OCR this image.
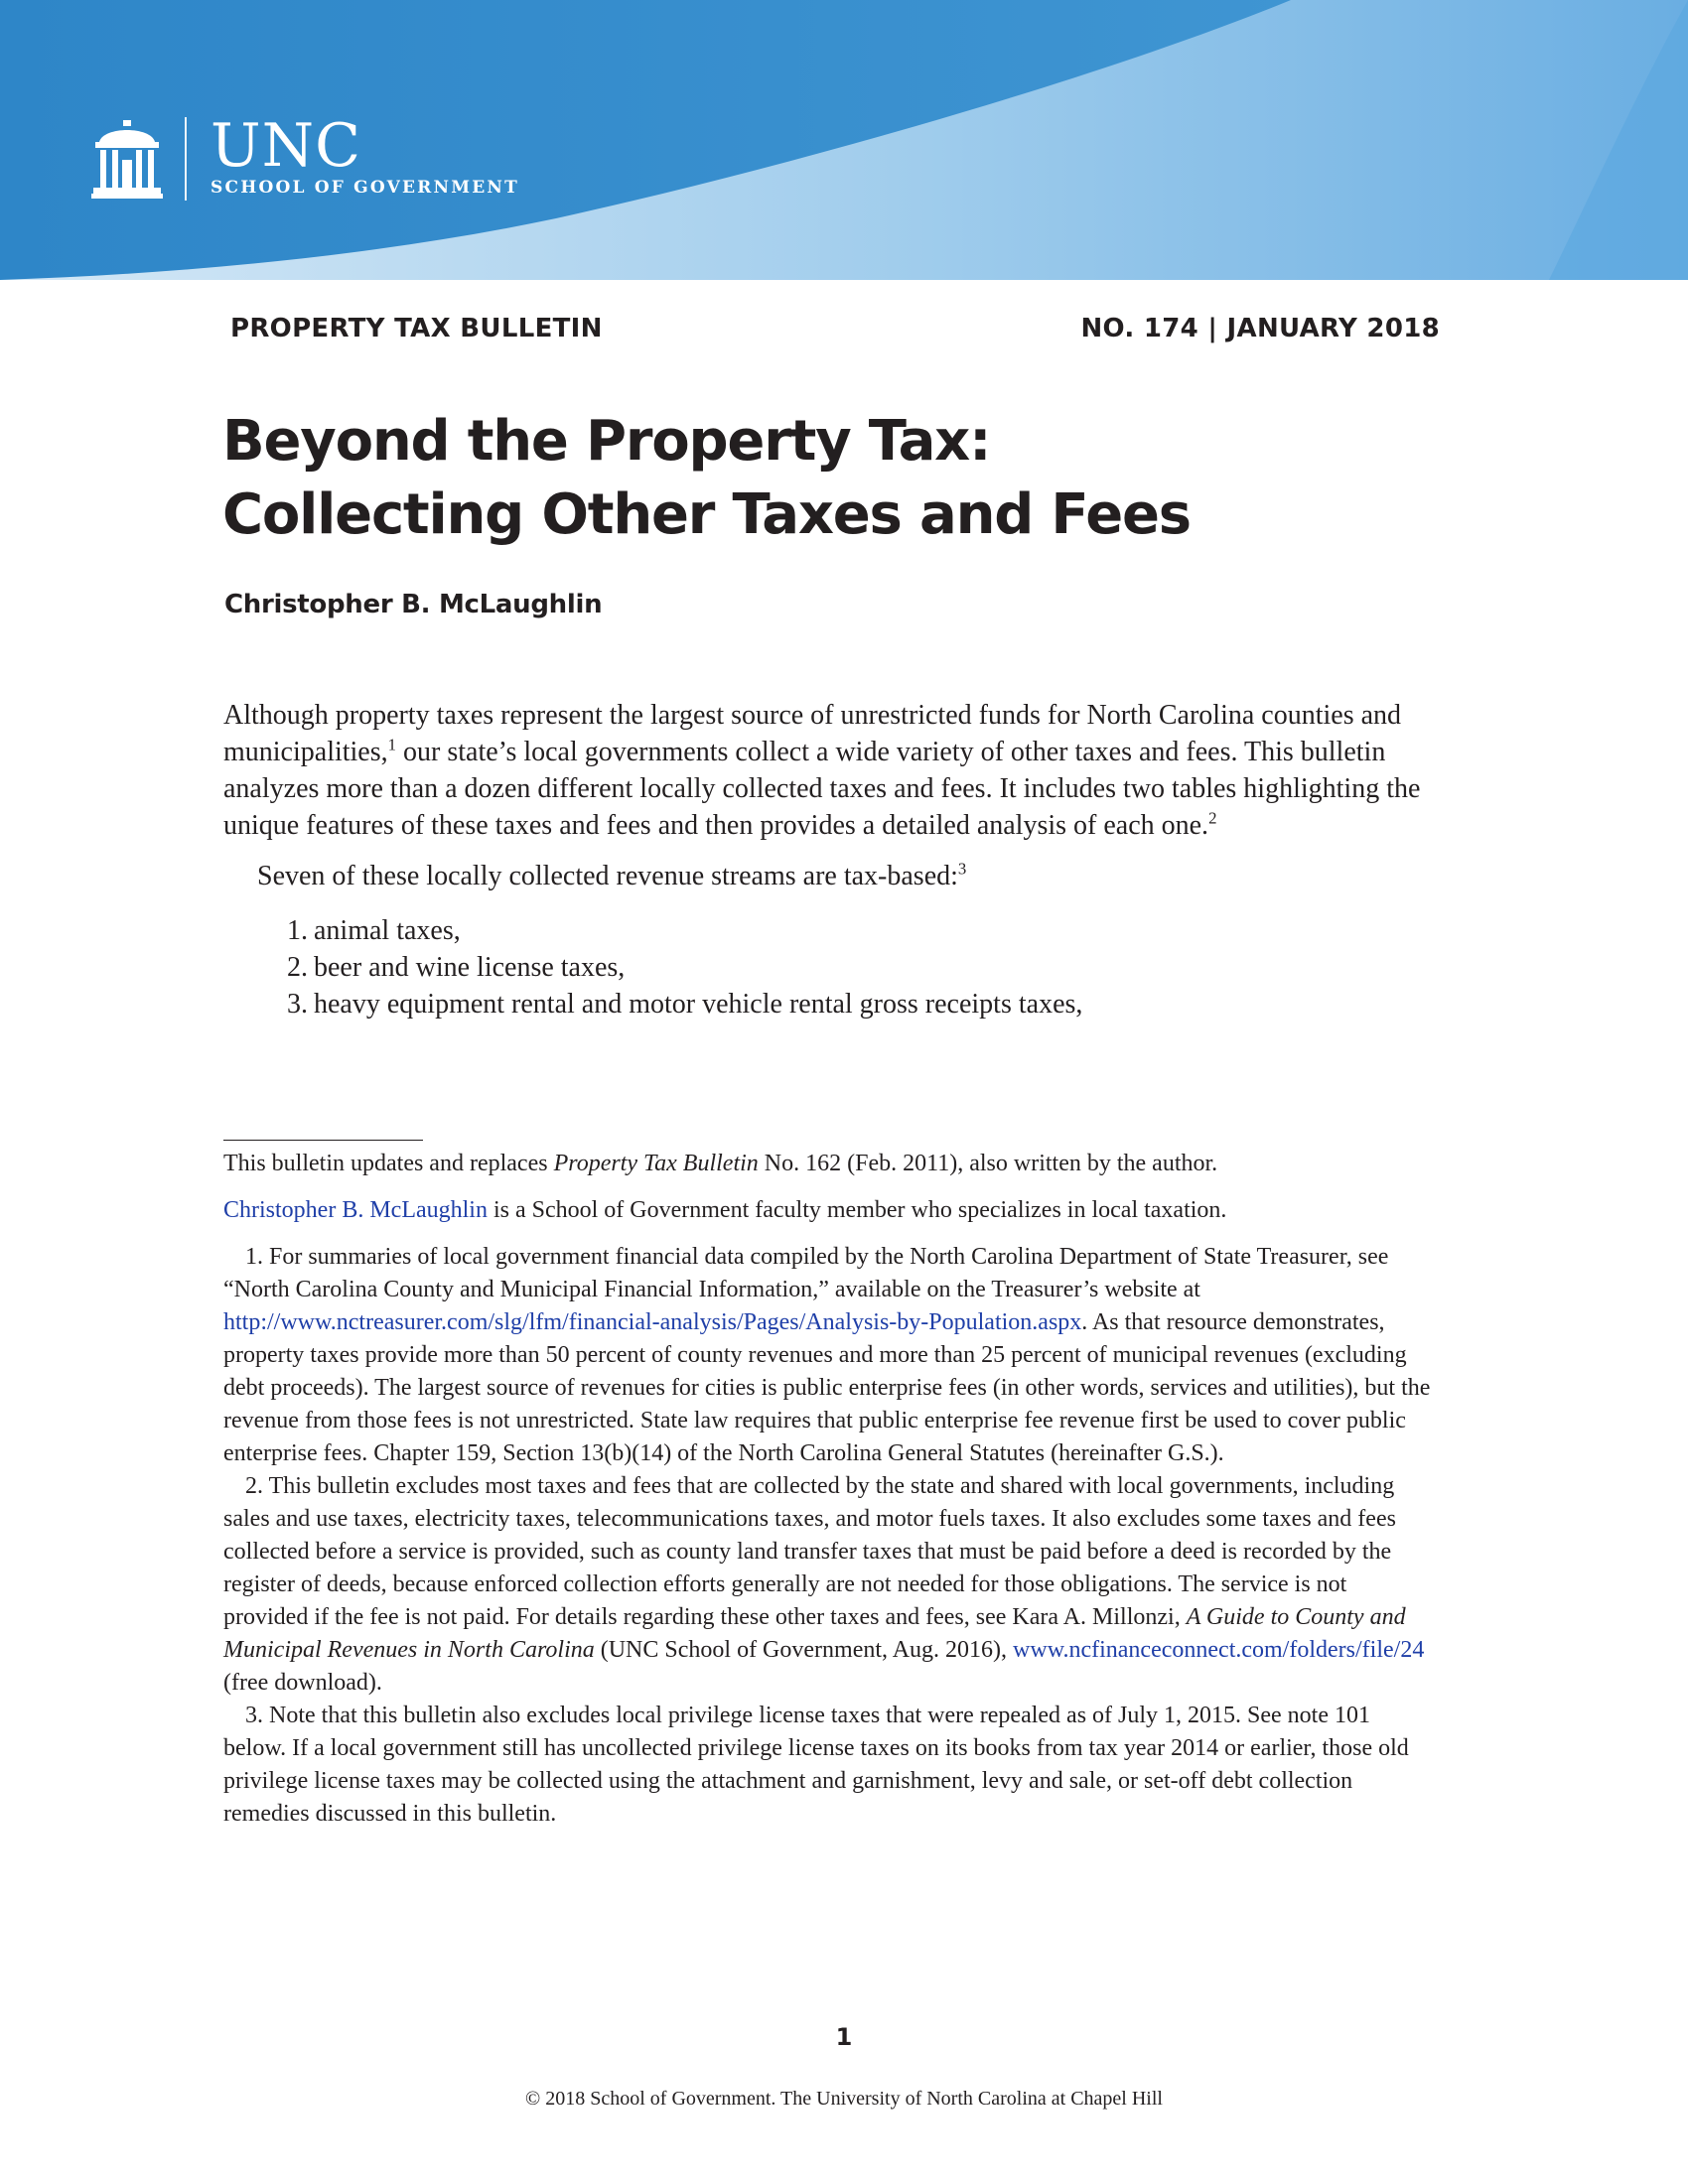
UNC
SCHOOL OF GOVERNMENT
PROPERTY TAX BULLETIN	NO. 174 | JANUARY 2018
Beyond the Property Tax:
Collecting Other Taxes and Fees
Christopher B. McLaughlin

Although property taxes represent the largest source of unrestricted funds for North Carolina counties and municipalities,$^1$ our state’s local governments collect a wide variety of other taxes and fees. This bulletin analyzes more than a dozen different locally collected taxes and fees. It includes two tables highlighting the unique features of these taxes and fees and then provides a detailed analysis of each one.$^2$

Seven of these locally collected revenue streams are tax-based:$^3$

1. animal taxes,
2. beer and wine license taxes,
3. heavy equipment rental and motor vehicle rental gross receipts taxes,

This bulletin updates and replaces Property Tax Bulletin No. 162 (Feb. 2011), also written by the author.

Christopher B. McLaughlin is a School of Government faculty member who specializes in local taxation.

1. For summaries of local government financial data compiled by the North Carolina Department of State Treasurer, see “North Carolina County and Municipal Financial Information,” available on the Treasurer’s website at http://www.nctreasurer.com/slg/lfm/financial-analysis/Pages/Analysis-by-Population.aspx. As that resource demonstrates, property taxes provide more than 50 percent of county revenues and more than 25 percent of municipal revenues (excluding debt proceeds). The largest source of revenues for cities is public enterprise fees (in other words, services and utilities), but the revenue from those fees is not unrestricted. State law requires that public enterprise fee revenue first be used to cover public enterprise fees. Chapter 159, Section 13(b)(14) of the North Carolina General Statutes (hereinafter G.S.).

2. This bulletin excludes most taxes and fees that are collected by the state and shared with local governments, including sales and use taxes, electricity taxes, telecommunications taxes, and motor fuels taxes. It also excludes some taxes and fees collected before a service is provided, such as county land transfer taxes that must be paid before a deed is recorded by the register of deeds, because enforced collection efforts generally are not needed for those obligations. The service is not provided if the fee is not paid. For details regarding these other taxes and fees, see Kara A. Millonzi, A Guide to County and Municipal Revenues in North Carolina (UNC School of Government, Aug. 2016), www.ncfinanceconnect.com/folders/file/24 (free download).

3. Note that this bulletin also excludes local privilege license taxes that were repealed as of July 1, 2015. See note 101 below. If a local government still has uncollected privilege license taxes on its books from tax year 2014 or earlier, those old privilege license taxes may be collected using the attachment and garnishment, levy and sale, or set-off debt collection remedies discussed in this bulletin.

1
© 2018 School of Government. The University of North Carolina at Chapel Hill
